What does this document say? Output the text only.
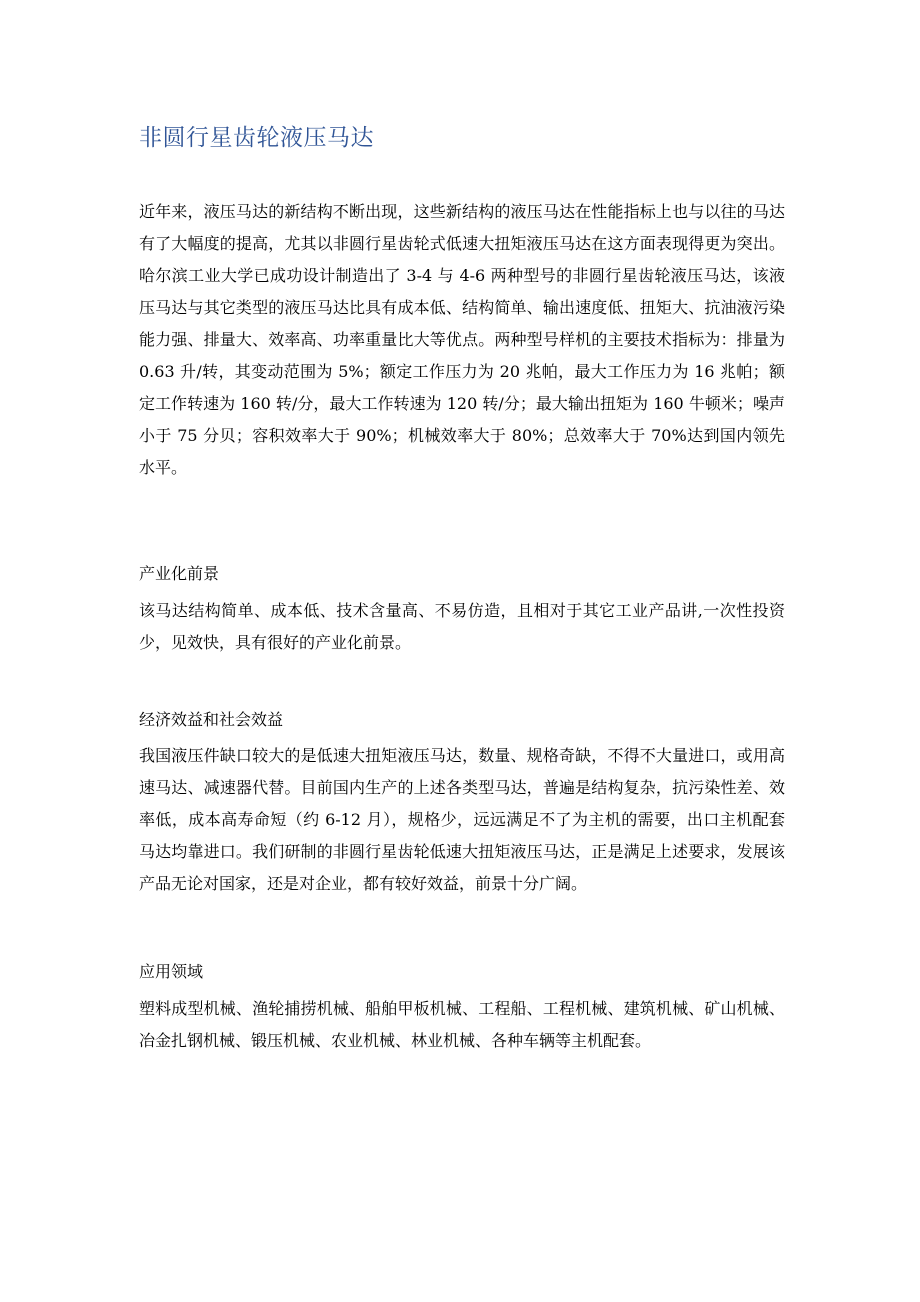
非圆行星齿轮液压马达

近年来，液压马达的新结构不断出现，这些新结构的液压马达在性能指标上也与以往的马达有了大幅度的提高，尤其以非圆行星齿轮式低速大扭矩液压马达在这方面表现得更为突出。哈尔滨工业大学已成功设计制造出了 3-4 与 4-6 两种型号的非圆行星齿轮液压马达，该液压马达与其它类型的液压马达比具有成本低、结构简单、输出速度低、扭矩大、抗油液污染能力强、排量大、效率高、功率重量比大等优点。两种型号样机的主要技术指标为：排量为 0.63 升/转，其变动范围为 5%；额定工作压力为 20 兆帕，最大工作压力为 16 兆帕；额定工作转速为 160 转/分，最大工作转速为 120 转/分；最大输出扭矩为 160 牛顿米；噪声小于 75 分贝；容积效率大于 90%；机械效率大于 80%；总效率大于 70%达到国内领先水平。

产业化前景

该马达结构简单、成本低、技术含量高、不易仿造，且相对于其它工业产品讲,一次性投资少，见效快，具有很好的产业化前景。

经济效益和社会效益

我国液压件缺口较大的是低速大扭矩液压马达，数量、规格奇缺，不得不大量进口，或用高速马达、减速器代替。目前国内生产的上述各类型马达，普遍是结构复杂，抗污染性差、效率低，成本高寿命短（约 6-12 月），规格少，远远满足不了为主机的需要，出口主机配套马达均靠进口。我们研制的非圆行星齿轮低速大扭矩液压马达，正是满足上述要求，发展该产品无论对国家，还是对企业，都有较好效益，前景十分广阔。

应用领域

塑料成型机械、渔轮捕捞机械、船舶甲板机械、工程船、工程机械、建筑机械、矿山机械、冶金扎钢机械、锻压机械、农业机械、林业机械、各种车辆等主机配套。
